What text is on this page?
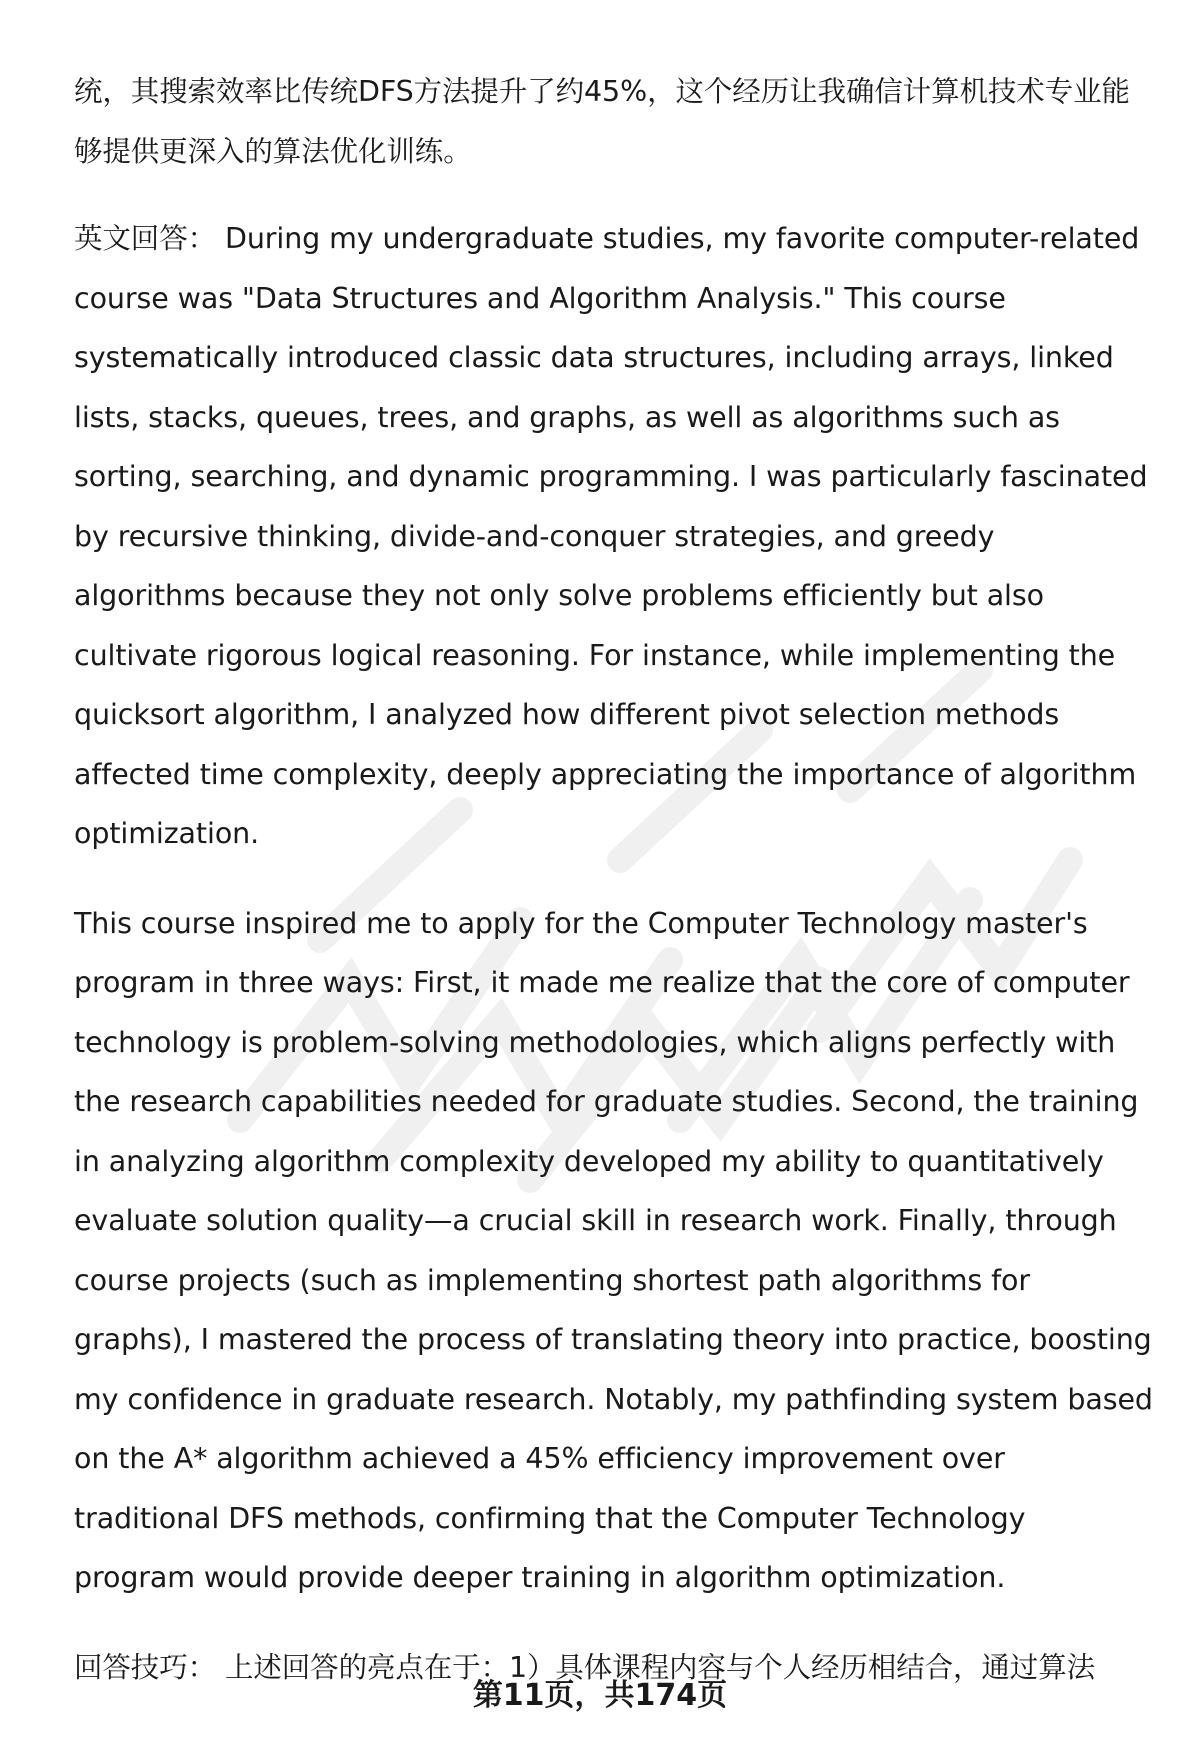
统，其搜索效率比传统DFS方法提升了约45%，这个经历让我确信计算机技术专业能够提供更深入的算法优化训练。

英文回答： During my undergraduate studies, my favorite computer-related course was "Data Structures and Algorithm Analysis." This course systematically introduced classic data structures, including arrays, linked lists, stacks, queues, trees, and graphs, as well as algorithms such as sorting, searching, and dynamic programming. I was particularly fascinated by recursive thinking, divide-and-conquer strategies, and greedy algorithms because they not only solve problems efficiently but also cultivate rigorous logical reasoning. For instance, while implementing the quicksort algorithm, I analyzed how different pivot selection methods affected time complexity, deeply appreciating the importance of algorithm optimization.

This course inspired me to apply for the Computer Technology master's program in three ways: First, it made me realize that the core of computer technology is problem-solving methodologies, which aligns perfectly with the research capabilities needed for graduate studies. Second, the training in analyzing algorithm complexity developed my ability to quantitatively evaluate solution quality—a crucial skill in research work. Finally, through course projects (such as implementing shortest path algorithms for graphs), I mastered the process of translating theory into practice, boosting my confidence in graduate research. Notably, my pathfinding system based on the A* algorithm achieved a 45% efficiency improvement over traditional DFS methods, confirming that the Computer Technology program would provide deeper training in algorithm optimization.

回答技巧： 上述回答的亮点在于：1）具体课程内容与个人经历相结合，通过算法

第11页，共174页
